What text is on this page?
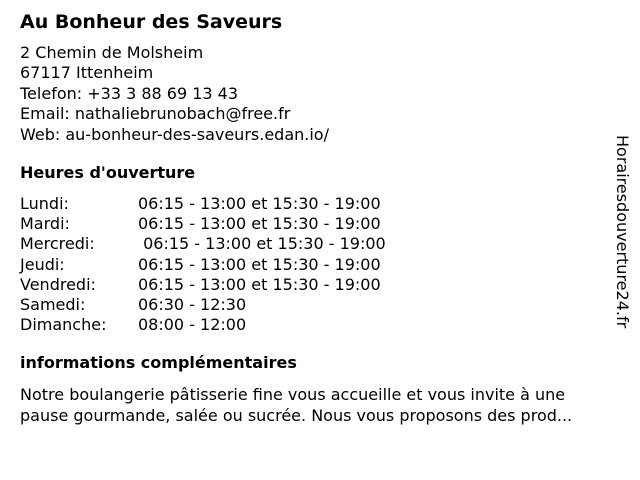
Au Bonheur des Saveurs
2 Chemin de Molsheim
67117 Ittenheim
Telefon: +33 3 88 69 13 43
Email: nathaliebrunobach@free.fr
Web: au-bonheur-des-saveurs.edan.io/
Heures d'ouverture
Lundi:	06:15 - 13:00 et 15:30 - 19:00
Mardi:	06:15 - 13:00 et 15:30 - 19:00
Mercredi:	06:15 - 13:00 et 15:30 - 19:00
Jeudi:	06:15 - 13:00 et 15:30 - 19:00
Vendredi:	06:15 - 13:00 et 15:30 - 19:00
Samedi:	06:30 - 12:30
Dimanche: 08:00 - 12:00
informations complémentaires
Notre boulangerie pâtisserie fine vous accueille et vous invite à une
pause gourmande, salée ou sucrée. Nous vous proposons des prod...
Horairesdouverture24.fr
